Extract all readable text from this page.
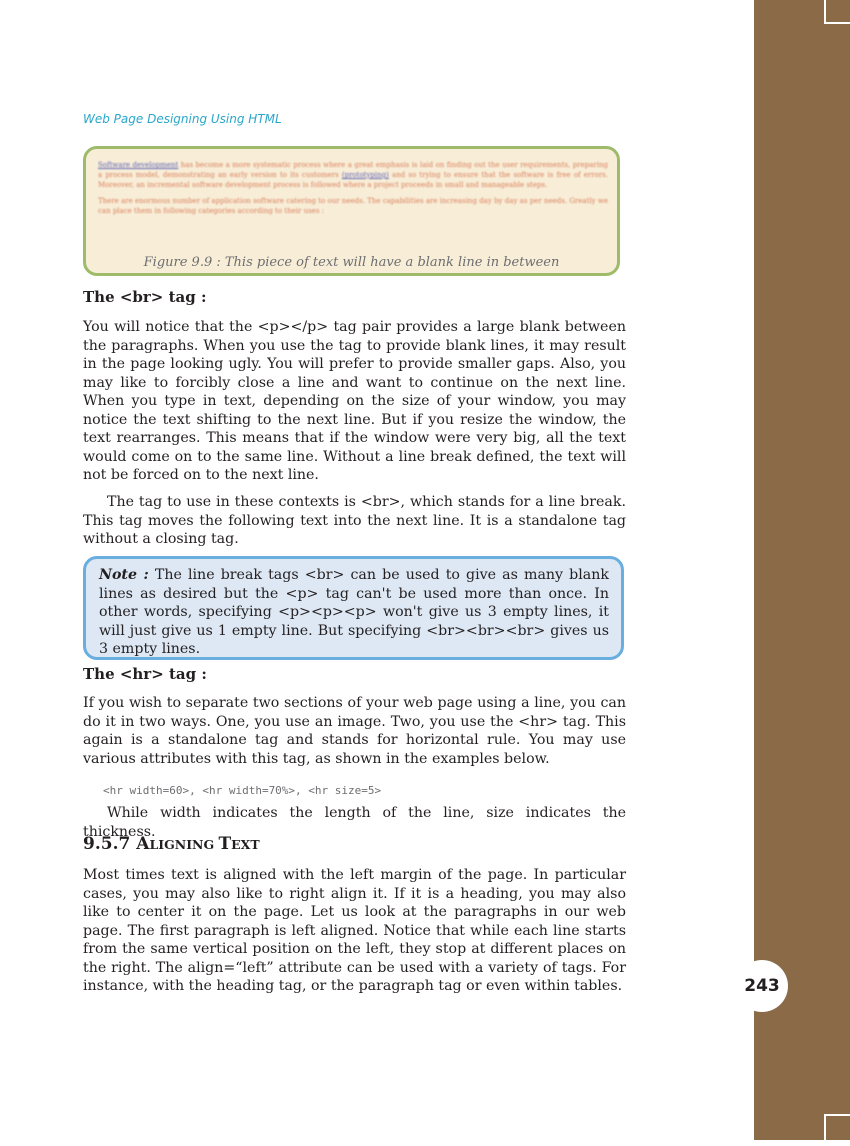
243
Web Page Designing Using HTML

Software development has become a more systematic process where a great emphasis is laid on finding out the user requirements, preparing a process model, demonstrating an early version to its customers (prototyping) and so trying to ensure that the software is free of errors. Moreover, an incremental software development process is followed where a project proceeds in small and manageable steps.

There are enormous number of application software catering to our needs. The capabilities are increasing day by day as per needs. Greatly we can place them in following categories according to their uses :

Figure 9.9 : This piece of text will have a blank line in between

The <br> tag :

You will notice that the <p></p> tag pair provides a large blank between the paragraphs. When you use the tag to provide blank lines, it may result in the page looking ugly. You will prefer to provide smaller gaps. Also, you may like to forcibly close a line and want to continue on the next line. When you type in text, depending on the size of your window, you may notice the text shifting to the next line. But if you resize the window, the text rearranges. This means that if the window were very big, all the text would come on to the same line. Without a line break defined, the text will not be forced on to the next line.

The tag to use in these contexts is <br>, which stands for a line break. This tag moves the following text into the next line. It is a standalone tag without a closing tag.

Note : The line break tags <br> can be used to give as many blank lines as desired but the <p> tag can't be used more than once. In other words, specifying <p><p><p> won't give us 3 empty lines, it will just give us 1 empty line. But specifying <br><br><br> gives us 3 empty lines.

The <hr> tag :

If you wish to separate two sections of your web page using a line, you can do it in two ways. One, you use an image. Two, you use the <hr> tag. This again is a standalone tag and stands for horizontal rule. You may use various attributes with this tag, as shown in the examples below.

<hr width=60>, <hr width=70%>, <hr size=5>

While width indicates the length of the line, size indicates the thickness.

9.5.7 ALIGNING TEXT

Most times text is aligned with the left margin of the page. In particular cases, you may also like to right align it. If it is a heading, you may also like to center it on the page. Let us look at the paragraphs in our web page. The first paragraph is left aligned. Notice that while each line starts from the same vertical position on the left, they stop at different places on the right. The align=“left” attribute can be used with a variety of tags. For instance, with the heading tag, or the paragraph tag or even within tables.
